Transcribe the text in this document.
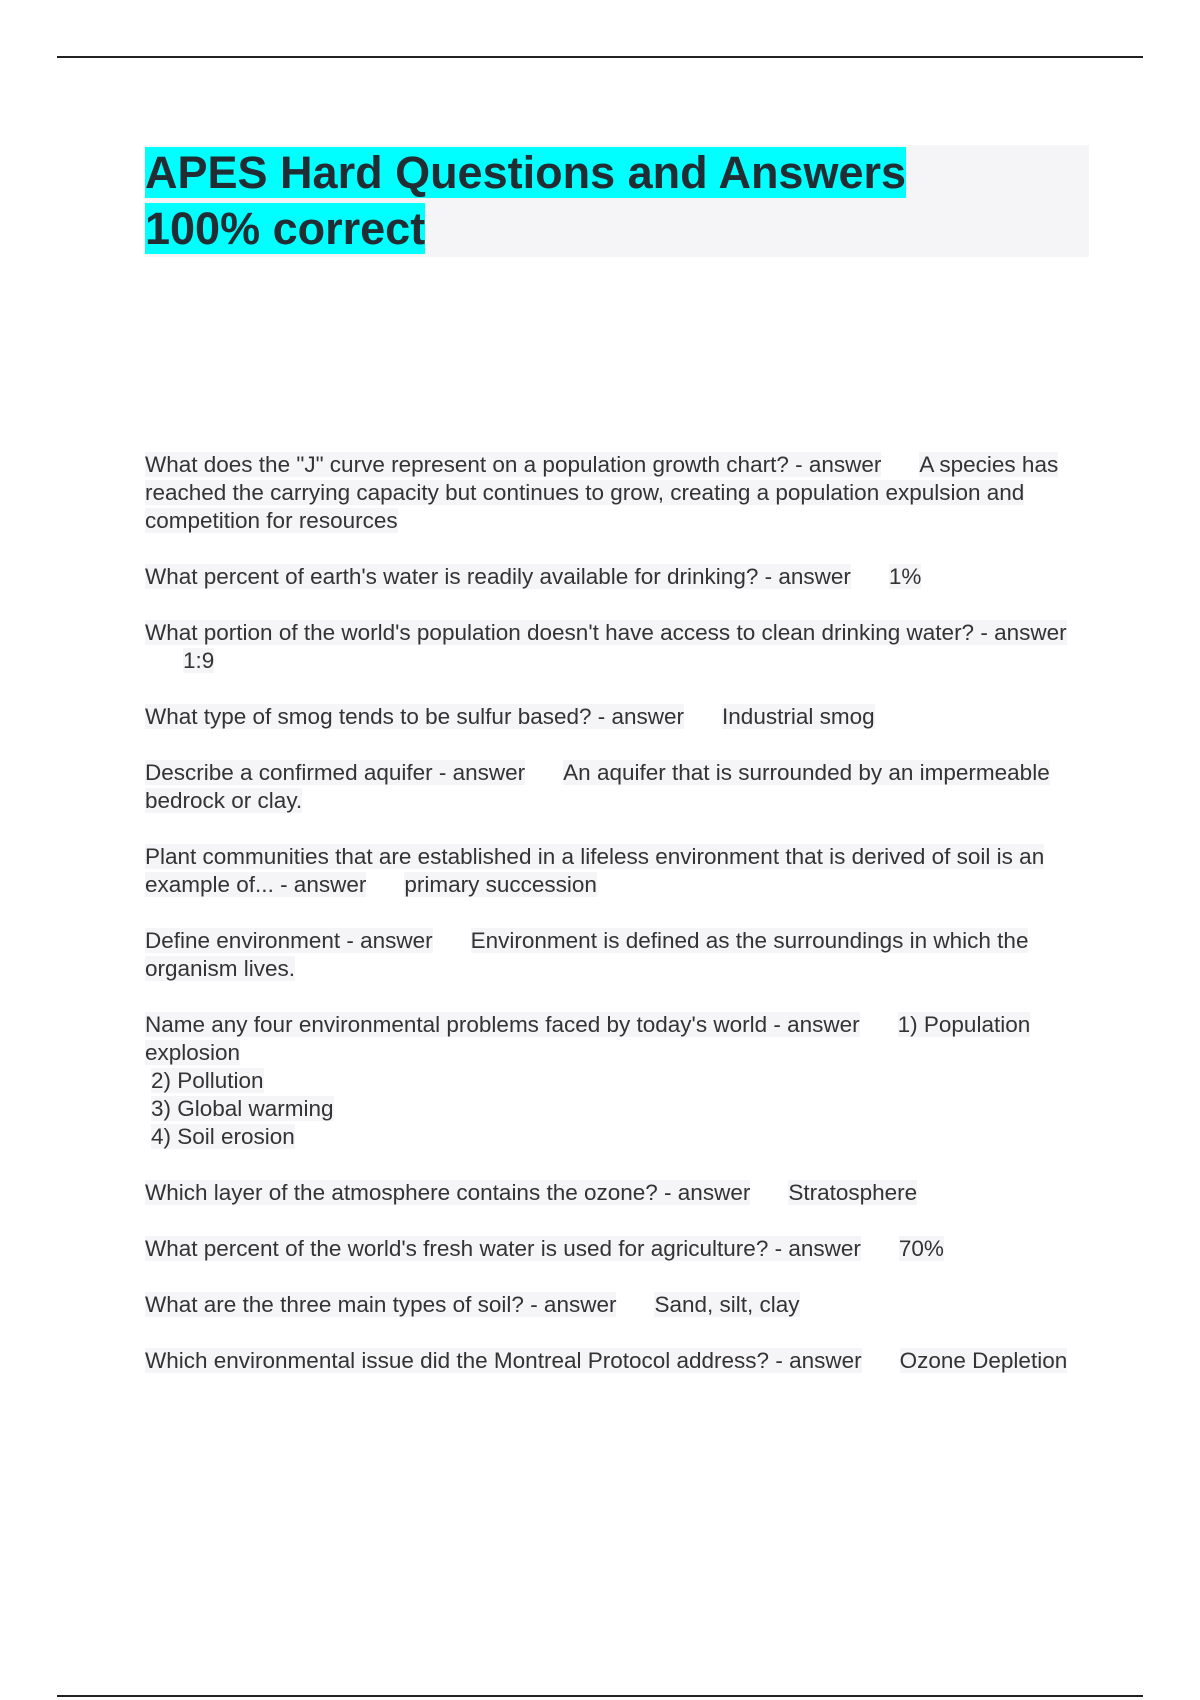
APES Hard Questions and Answers
100% correct

What does the "J" curve represent on a population growth chart? - answer A species has reached the carrying capacity but continues to grow, creating a population expulsion and competition for resources

What percent of earth's water is readily available for drinking? - answer 1%

What portion of the world's population doesn't have access to clean drinking water? - answer1:9

What type of smog tends to be sulfur based? - answer Industrial smog

Describe a confirmed aquifer - answer An aquifer that is surrounded by an impermeable bedrock or clay.

Plant communities that are established in a lifeless environment that is derived of soil is an example of... - answer primary succession

Define environment - answer Environment is defined as the surroundings in which the organism lives.

Name any four environmental problems faced by today's world - answer 1) Population explosion
2) Pollution
3) Global warming
4) Soil erosion

Which layer of the atmosphere contains the ozone? - answer Stratosphere

What percent of the world's fresh water is used for agriculture? - answer 70%

What are the three main types of soil? - answer Sand, silt, clay

Which environmental issue did the Montreal Protocol address? - answer Ozone Depletion
